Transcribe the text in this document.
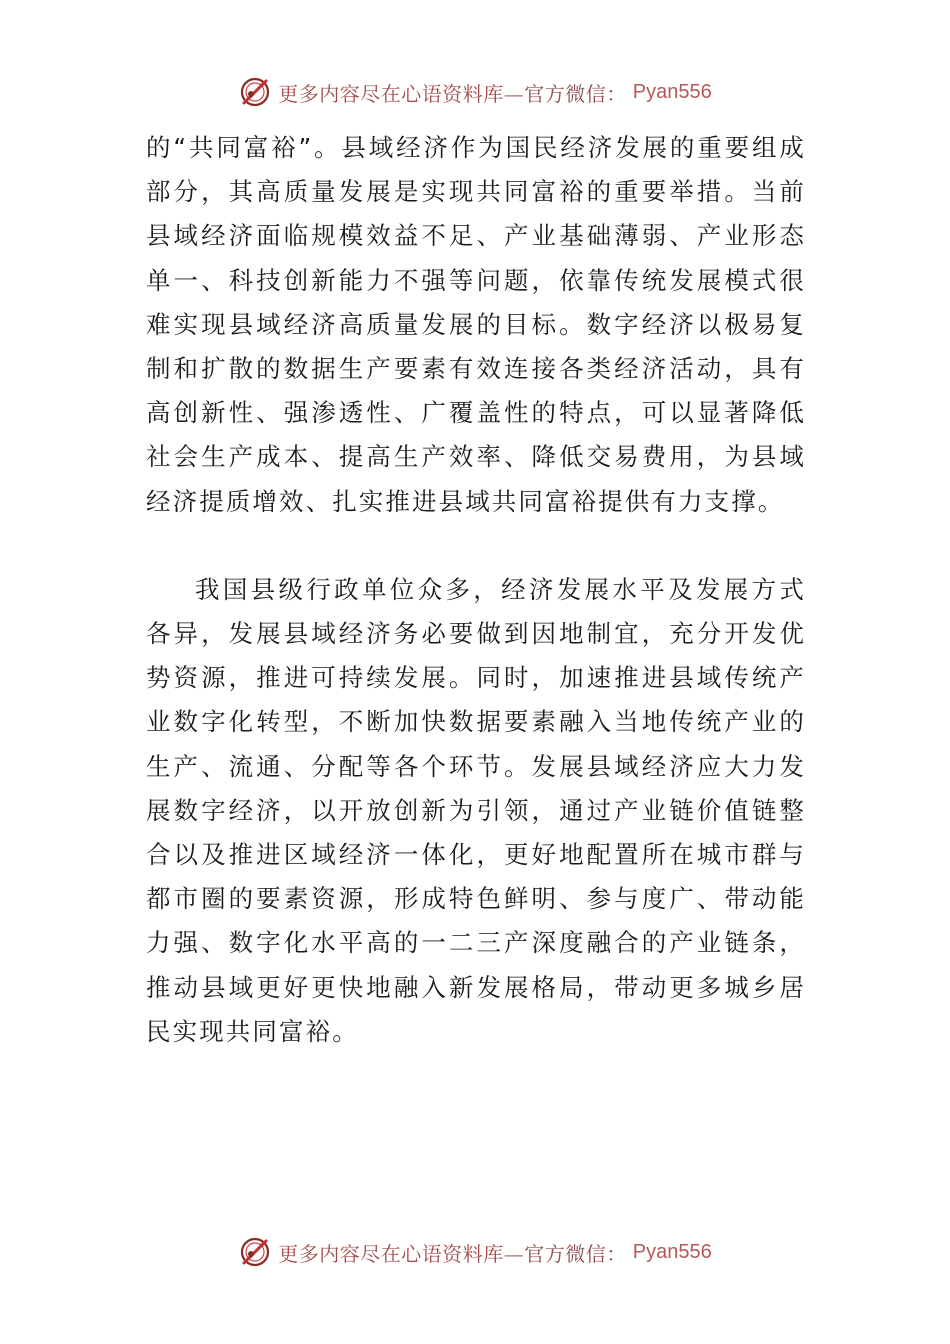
更多内容尽在心语资料库—官方微信： Pyan556

的“共同富裕”。县域经济作为国民经济发展的重要组成部分，其高质量发展是实现共同富裕的重要举措。当前县域经济面临规模效益不足、产业基础薄弱、产业形态单一、科技创新能力不强等问题，依靠传统发展模式很难实现县域经济高质量发展的目标。数字经济以极易复制和扩散的数据生产要素有效连接各类经济活动，具有高创新性、强渗透性、广覆盖性的特点，可以显著降低社会生产成本、提高生产效率、降低交易费用，为县域经济提质增效、扎实推进县域共同富裕提供有力支撑。

我国县级行政单位众多，经济发展水平及发展方式各异，发展县域经济务必要做到因地制宜，充分开发优势资源，推进可持续发展。同时，加速推进县域传统产业数字化转型，不断加快数据要素融入当地传统产业的生产、流通、分配等各个环节。发展县域经济应大力发展数字经济，以开放创新为引领，通过产业链价值链整合以及推进区域经济一体化，更好地配置所在城市群与都市圈的要素资源，形成特色鲜明、参与度广、带动能力强、数字化水平高的一二三产深度融合的产业链条，推动县域更好更快地融入新发展格局，带动更多城乡居民实现共同富裕。

更多内容尽在心语资料库—官方微信： Pyan556
